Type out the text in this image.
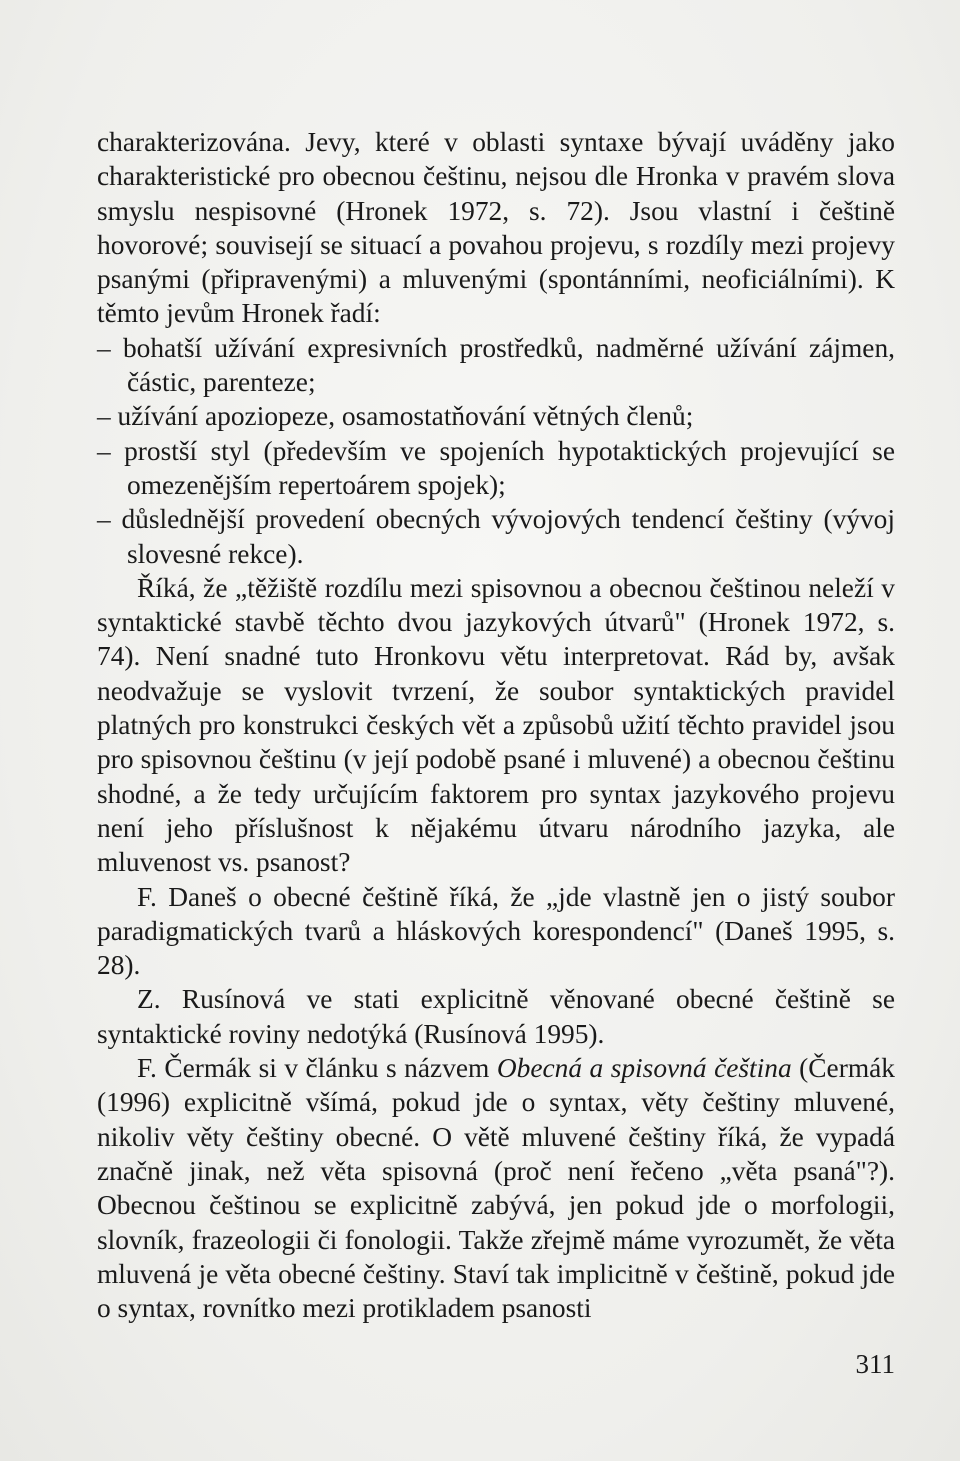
charakterizována. Jevy, které v oblasti syntaxe bývají uváděny jako charakteristické pro obecnou češtinu, nejsou dle Hronka v pravém slova smyslu nespisovné (Hronek 1972, s. 72). Jsou vlastní i češtině hovorové; souvisejí se situací a povahou projevu, s rozdíly mezi projevy psanými (připravenými) a mluvenými (spontánními, neoficiálními). K těmto jevům Hronek řadí:

– bohatší užívání expresivních prostředků, nadměrné užívání zájmen, částic, parenteze;

– užívání apoziopeze, osamostatňování větných členů;

– prostší styl (především ve spojeních hypotaktických projevující se omezenějším repertoárem spojek);

– důslednější provedení obecných vývojových tendencí češtiny (vývoj slovesné rekce).

Říká, že „těžiště rozdílu mezi spisovnou a obecnou češtinou neleží v syntaktické stavbě těchto dvou jazykových útvarů" (Hronek 1972, s. 74). Není snadné tuto Hronkovu větu interpretovat. Rád by, avšak neodvažuje se vyslovit tvrzení, že soubor syntaktických pravidel platných pro konstrukci českých vět a způsobů užití těchto pravidel jsou pro spisovnou češtinu (v její podobě psané i mluvené) a obecnou češtinu shodné, a že tedy určujícím faktorem pro syntax jazykového projevu není jeho příslušnost k nějakému útvaru národního jazyka, ale mluvenost vs. psanost?

F. Daneš o obecné češtině říká, že „jde vlastně jen o jistý soubor paradigmatických tvarů a hláskových korespondencí" (Daneš 1995, s. 28).

Z. Rusínová ve stati explicitně věnované obecné češtině se syntaktické roviny nedotýká (Rusínová 1995).

F. Čermák si v článku s názvem Obecná a spisovná čeština (Čermák (1996) explicitně všímá, pokud jde o syntax, věty češtiny mluvené, nikoliv věty češtiny obecné. O větě mluvené češtiny říká, že vypadá značně jinak, než věta spisovná (proč není řečeno „věta psaná"?). Obecnou češtinou se explicitně zabývá, jen pokud jde o morfologii, slovník, frazeologii či fonologii. Takže zřejmě máme vyrozumět, že věta mluvená je věta obecné češtiny. Staví tak implicitně v češtině, pokud jde o syntax, rovnítko mezi protikladem psanosti

311
